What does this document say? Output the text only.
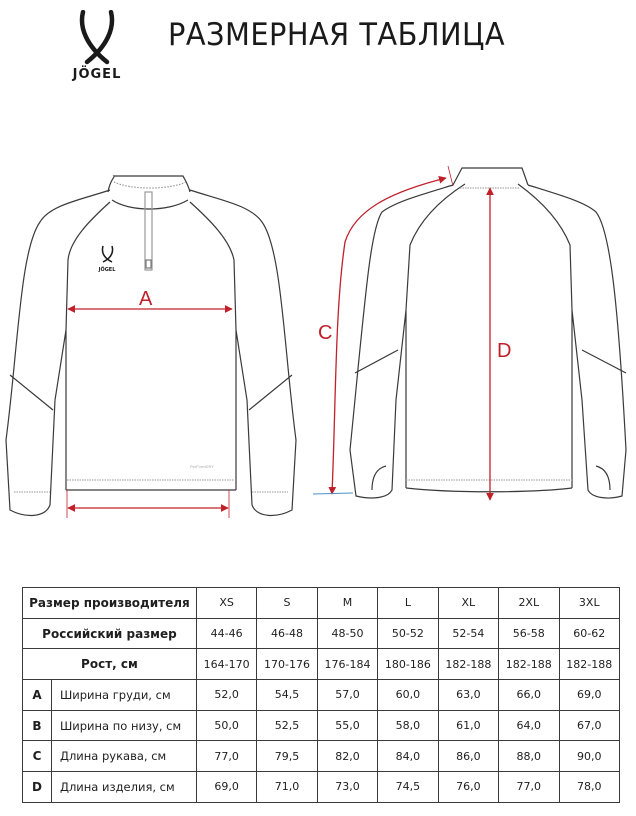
JÖGEL
РАЗМЕРНАЯ ТАБЛИЦА
JÖGEL
A
C
D
PerFormDRY
Размер производителя		XS	S	M	L	XL	2XL	3XL
Российский размер		44-46	46-48	48-50	50-52	52-54	56-58	60-62
Рост, см		164-170	170-176	176-184	180-186	182-188	182-188	182-188
A	Ширина груди, см	52,0	54,5	57,0	60,0	63,0	66,0	69,0
B	Ширина по низу, см	50,0	52,5	55,0	58,0	61,0	64,0	67,0
C	Длина рукава, см	77,0	79,5	82,0	84,0	86,0	88,0	90,0
D	Длина изделия, см	69,0	71,0	73,0	74,5	76,0	77,0	78,0
